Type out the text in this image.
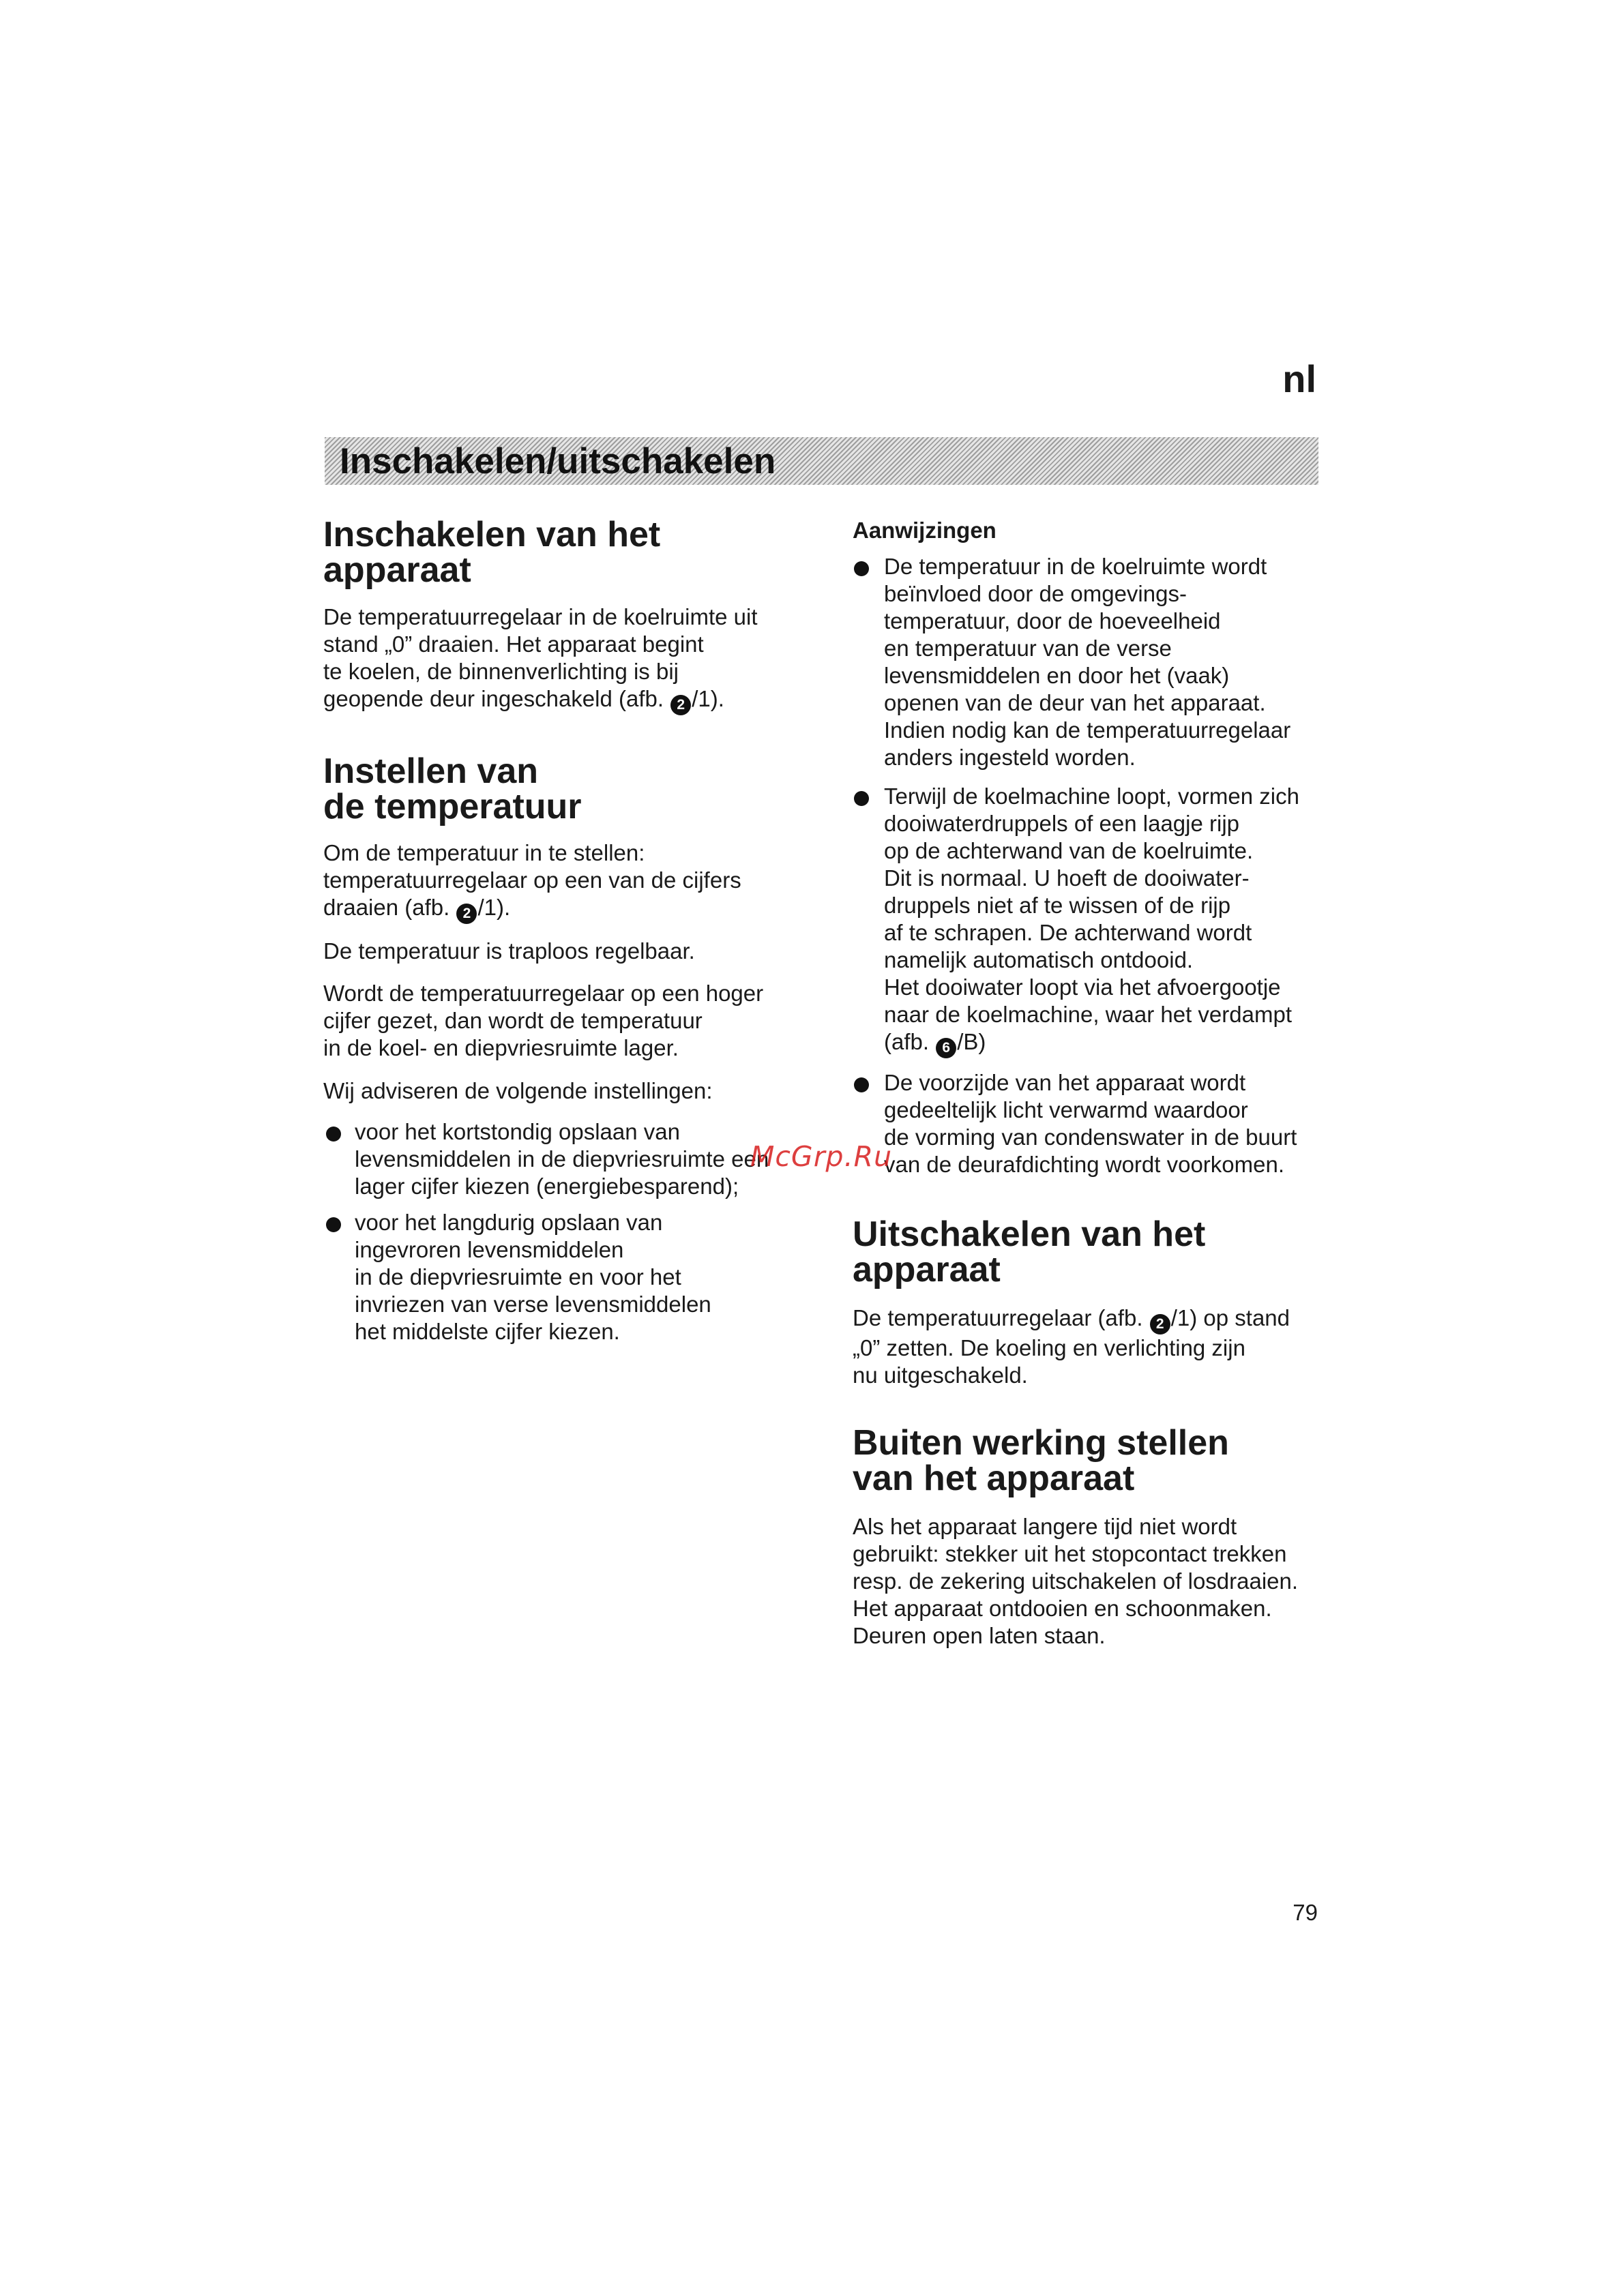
nl
Inschakelen/uitschakelen
Inschakelen van het
apparaat

De temperatuurregelaar in de koelruimte uit
stand „0” draaien. Het apparaat begint
te koelen, de binnenverlichting is bij
geopende deur ingeschakeld (afb. 2 /1).

Instellen van
de temperatuur

Om de temperatuur in te stellen:
temperatuurregelaar op een van de cijfers
draaien (afb. 2 /1).

De temperatuur is traploos regelbaar.

Wordt de temperatuurregelaar op een hoger
cijfer gezet, dan wordt de temperatuur
in de koel- en diepvriesruimte lager.

Wij adviseren de volgende instellingen:

voor het kortstondig opslaan van
levensmiddelen in de diepvriesruimte een
lager cijfer kiezen (energiebesparend);

voor het langdurig opslaan van
ingevroren levensmiddelen
in de diepvriesruimte en voor het
invriezen van verse levensmiddelen
het middelste cijfer kiezen.

Aanwijzingen

De temperatuur in de koelruimte wordt
beïnvloed door de omgevings-
temperatuur, door de hoeveelheid
en temperatuur van de verse
levensmiddelen en door het (vaak)
openen van de deur van het apparaat.
Indien nodig kan de temperatuurregelaar
anders ingesteld worden.

Terwijl de koelmachine loopt, vormen zich
dooiwaterdruppels of een laagje rijp
op de achterwand van de koelruimte.
Dit is normaal. U hoeft de dooiwater-
druppels niet af te wissen of de rijp
af te schrapen. De achterwand wordt
namelijk automatisch ontdooid.
Het dooiwater loopt via het afvoergootje
naar de koelmachine, waar het verdampt
(afb. 6 /B)

De voorzijde van het apparaat wordt
gedeeltelijk licht verwarmd waardoor
de vorming van condenswater in de buurt
van de deurafdichting wordt voorkomen.

Uitschakelen van het
apparaat

De temperatuurregelaar (afb. 2 /1) op stand
„0” zetten. De koeling en verlichting zijn
nu uitgeschakeld.

Buiten werking stellen
van het apparaat

Als het apparaat langere tijd niet wordt
gebruikt: stekker uit het stopcontact trekken
resp. de zekering uitschakelen of losdraaien.
Het apparaat ontdooien en schoonmaken.
Deuren open laten staan.

McGrp.Ru
79
